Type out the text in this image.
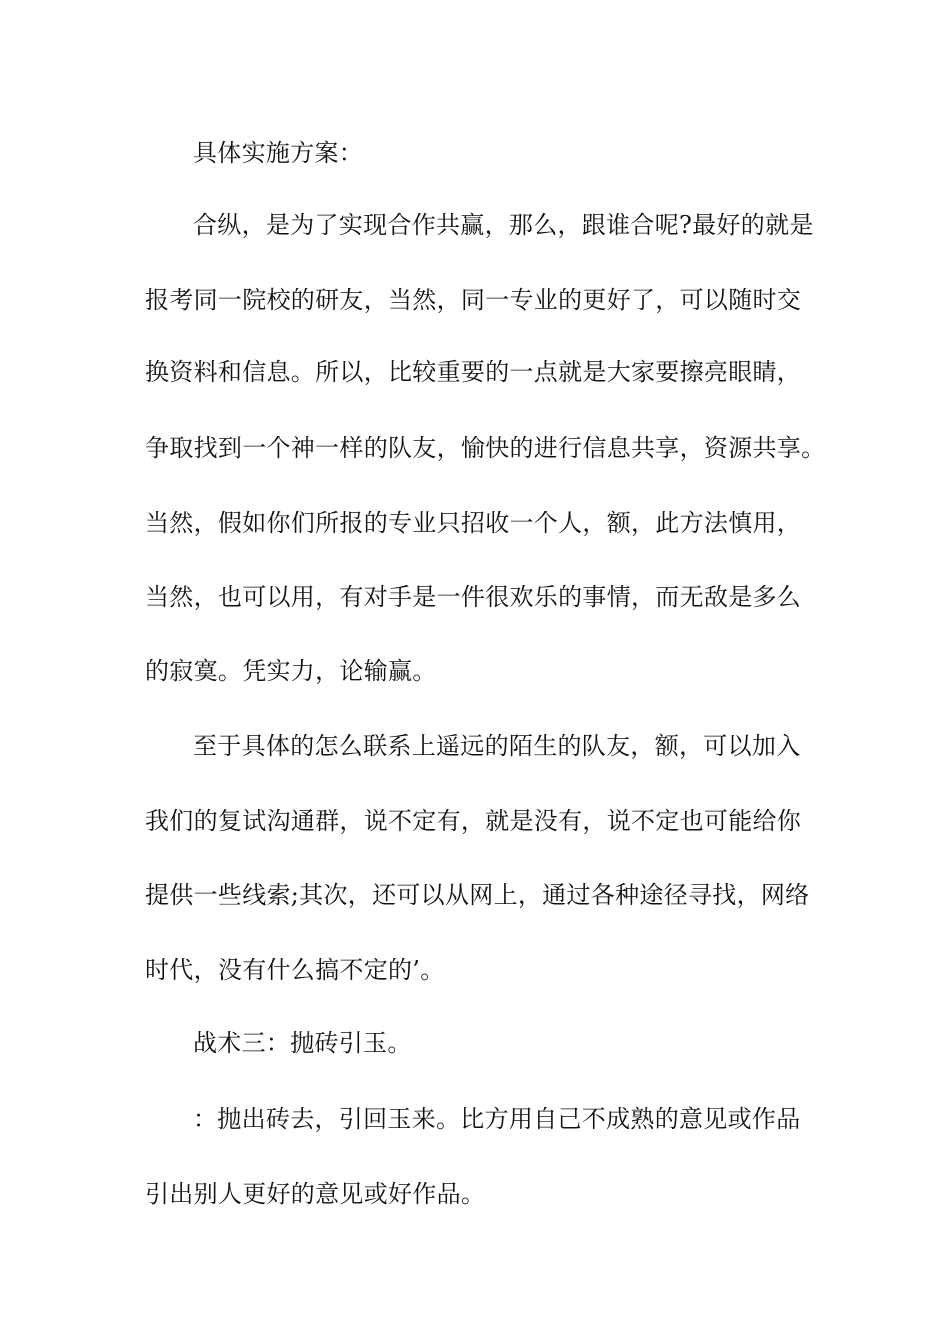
具体实施方案：
合纵，是为了实现合作共赢，那么，跟谁合呢?最好的就是
报考同一院校的研友，当然，同一专业的更好了，可以随时交
换资料和信息。所以，比较重要的一点就是大家要擦亮眼睛，
争取找到一个神一样的队友，愉快的进行信息共享，资源共享。
当然，假如你们所报的专业只招收一个人，额，此方法慎用，
当然，也可以用，有对手是一件很欢乐的事情，而无敌是多么
的寂寞。凭实力，论输赢。
至于具体的怎么联系上遥远的陌生的队友，额，可以加入
我们的复试沟通群，说不定有，就是没有，说不定也可能给你
提供一些线索;其次，还可以从网上，通过各种途径寻找，网络
时代，没有什么搞不定的’。
战术三：抛砖引玉。
：抛出砖去，引回玉来。比方用自己不成熟的意见或作品
引出别人更好的意见或好作品。
